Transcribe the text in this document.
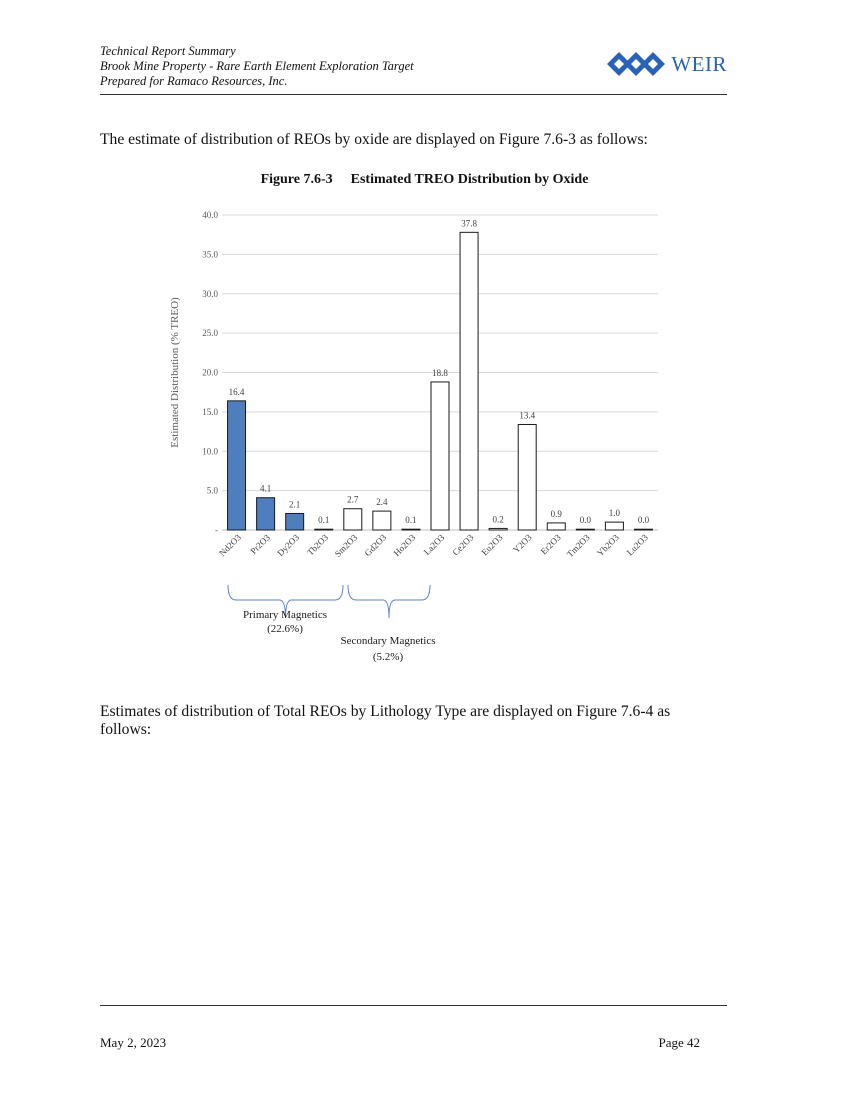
Technical Report Summary
Brook Mine Property - Rare Earth Element Exploration Target
Prepared for Ramaco Resources, Inc.
WEIR
The estimate of distribution of REOs by oxide are displayed on Figure 7.6-3 as follows:
Figure 7.6-3 Estimated TREO Distribution by Oxide
-
5.0
10.0
15.0
20.0
25.0
30.0
35.0
40.0
Estimated Distribution (% TREO)	16.4
Nd2O3
4.1
Pr2O3
2.1
Dy2O3
0.1
Tb2O3
2.7
Sm2O3
2.4
Gd2O3
0.1
Ho2O3
18.8
La2O3
37.8
Ce2O3
0.2
Eu2O3
13.4
Y2O3
0.9
Er2O3
0.0
Tm2O3
1.0
Yb2O3
0.0
Lu2O3
Primary Magnetics
(22.6%)
Secondary Magnetics
(5.2%)
Estimates of distribution of Total REOs by Lithology Type are displayed on Figure 7.6-4 as
follows:
May 2, 2023	Page 42
